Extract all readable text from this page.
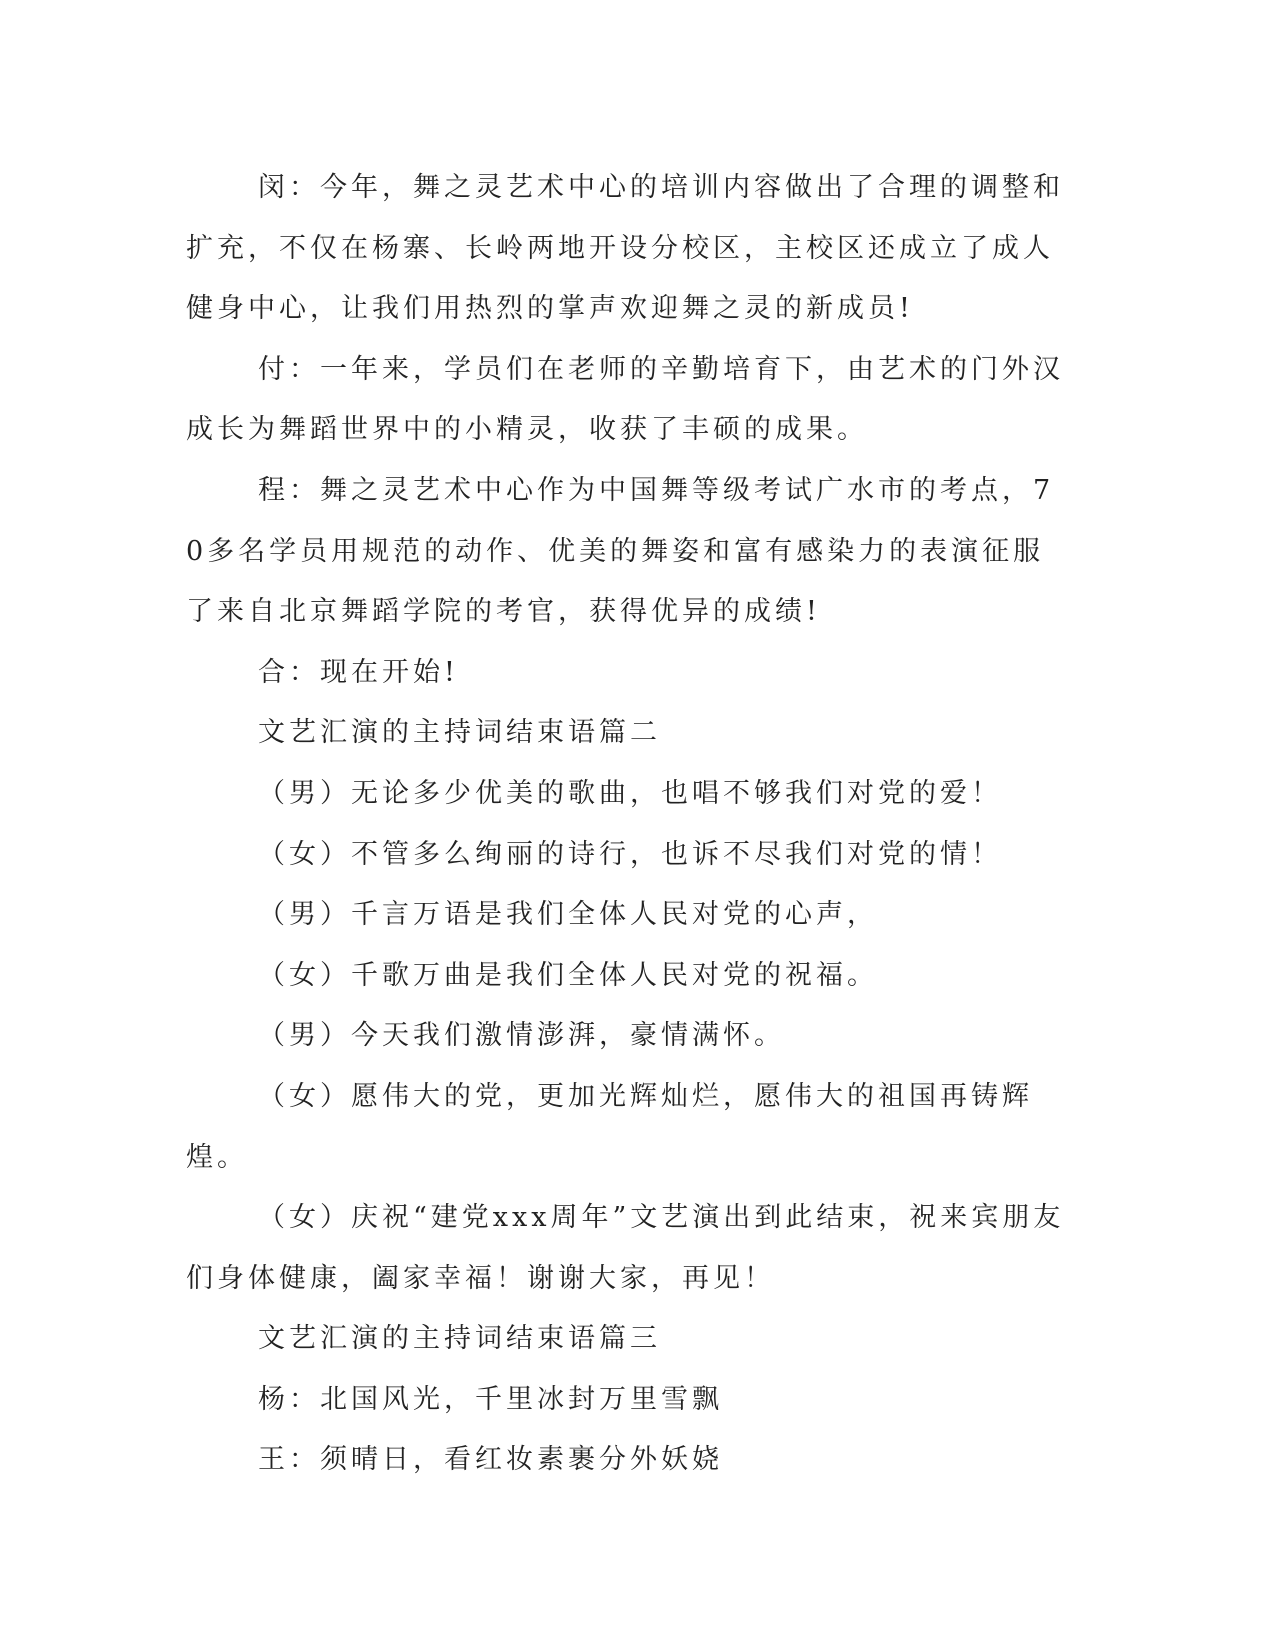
闵：今年，舞之灵艺术中心的培训内容做出了合理的调整和扩充，不仅在杨寨、长岭两地开设分校区，主校区还成立了成人健身中心，让我们用热烈的掌声欢迎舞之灵的新成员!

付：一年来，学员们在老师的辛勤培育下，由艺术的门外汉成长为舞蹈世界中的小精灵，收获了丰硕的成果。

程：舞之灵艺术中心作为中国舞等级考试广水市的考点，70多名学员用规范的动作、优美的舞姿和富有感染力的表演征服了来自北京舞蹈学院的考官，获得优异的成绩!

合：现在开始!

文艺汇演的主持词结束语篇二

（男）无论多少优美的歌曲，也唱不够我们对党的爱！

（女）不管多么绚丽的诗行，也诉不尽我们对党的情！

（男）千言万语是我们全体人民对党的心声，

（女）千歌万曲是我们全体人民对党的祝福。

（男）今天我们激情澎湃，豪情满怀。

（女）愿伟大的党，更加光辉灿烂，愿伟大的祖国再铸辉煌。

（女）庆祝“建党xxx周年”文艺演出到此结束，祝来宾朋友们身体健康，阖家幸福！谢谢大家，再见！

文艺汇演的主持词结束语篇三

杨：北国风光，千里冰封万里雪飘

王：须晴日，看红妆素裹分外妖娆
